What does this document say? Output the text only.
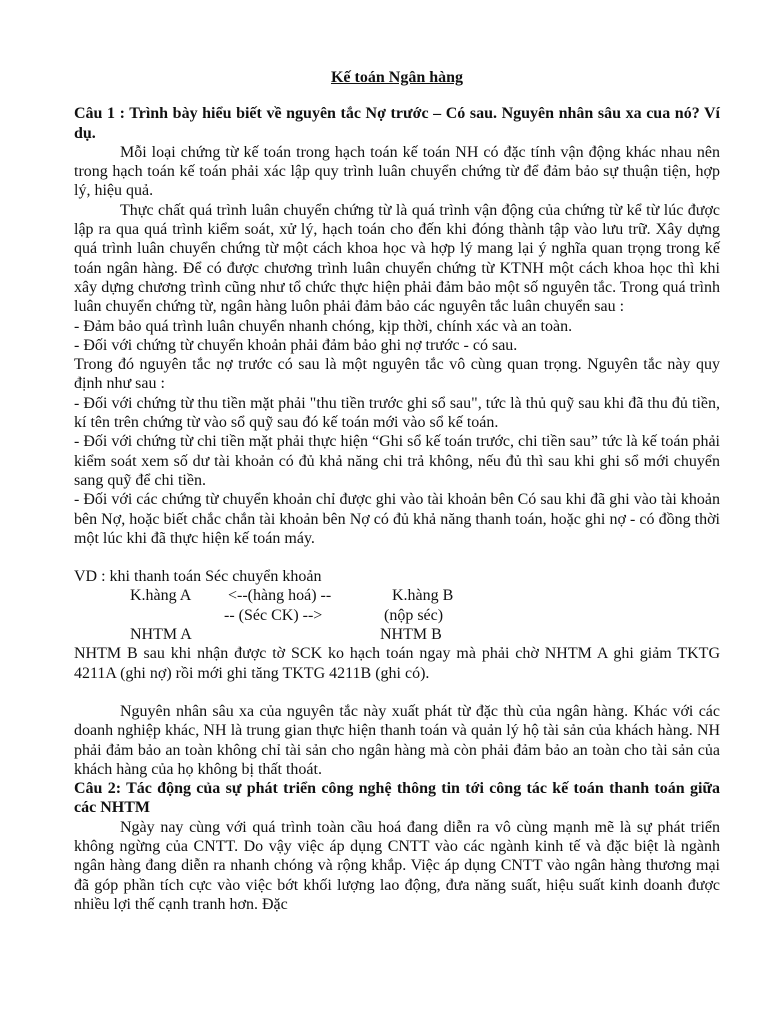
Kế toán Ngân hàng

Câu 1 : Trình bày hiểu biết về nguyên tắc Nợ trước – Có sau. Nguyên nhân sâu xa cua nó? Ví dụ.

Mỗi loại chứng từ kế toán trong hạch toán kế toán NH có đặc tính vận động khác nhau nên trong hạch toán kế toán phải xác lập quy trình luân chuyển chứng từ để đảm bảo sự thuận tiện, hợp lý, hiệu quả.

Thực chất quá trình luân chuyển chứng từ là quá trình vận động của chứng từ kể từ lúc được lập ra qua quá trình kiểm soát, xử lý, hạch toán cho đến khi đóng thành tập vào lưu trữ. Xây dựng quá trình luân chuyển chứng từ một cách khoa học và hợp lý mang lại ý nghĩa quan trọng trong kế toán ngân hàng. Để có được chương trình luân chuyển chứng từ KTNH một cách khoa học thì khi xây dựng chương trình cũng như tổ chức thực hiện phải đảm bảo một số nguyên tắc. Trong quá trình luân chuyển chứng từ, ngân hàng luôn phải đảm bảo các nguyên tắc luân chuyển sau :

- Đảm bảo quá trình luân chuyển nhanh chóng, kịp thời, chính xác và an toàn.

- Đối với chứng từ chuyển khoản phải đảm bảo ghi nợ trước - có sau.

Trong đó nguyên tắc nợ trước có sau là một nguyên tắc vô cùng quan trọng. Nguyên tắc này quy định như sau :

- Đối với chứng từ thu tiền mặt phải "thu tiền trước ghi sổ sau", tức là thủ quỹ sau khi đã thu đủ tiền, kí tên trên chứng từ vào sổ quỹ sau đó kế toán mới vào sổ kế toán.

- Đối với chứng từ chi tiền mặt phải thực hiện “Ghi sổ kế toán trước, chi tiền sau” tức là kế toán phải kiểm soát xem số dư tài khoản có đủ khả năng chi trả không, nếu đủ thì sau khi ghi sổ mới chuyển sang quỹ để chi tiền.

- Đối với các chứng từ chuyển khoản chỉ được ghi vào tài khoản bên Có sau khi đã ghi vào tài khoản bên Nợ, hoặc biết chắc chắn tài khoản bên Nợ có đủ khả năng thanh toán, hoặc ghi nợ - có đồng thời một lúc khi đã thực hiện kế toán máy.

VD : khi thanh toán Séc chuyển khoản

K.hàng A	<--(hàng hoá) --	K.hàng B
-- (Séc CK) -->	(nộp séc)
NHTM A	NHTM B

NHTM B sau khi nhận được tờ SCK ko hạch toán ngay mà phải chờ NHTM A ghi giảm TKTG 4211A (ghi nợ) rồi mới ghi tăng TKTG 4211B (ghi có).

Nguyên nhân sâu xa của nguyên tắc này xuất phát từ đặc thù của ngân hàng. Khác với các doanh nghiệp khác, NH là trung gian thực hiện thanh toán và quản lý hộ tài sản của khách hàng. NH phải đảm bảo an toàn không chỉ tài sản cho ngân hàng mà còn phải đảm bảo an toàn cho tài sản của khách hàng của họ không bị thất thoát.

Câu 2: Tác động của sự phát triển công nghệ thông tin tới công tác kế toán thanh toán giữa các NHTM

Ngày nay cùng với quá trình toàn cầu hoá đang diễn ra vô cùng mạnh mẽ là sự phát triển không ngừng của CNTT. Do vậy việc áp dụng CNTT vào các ngành kinh tế và đặc biệt là ngành ngân hàng đang diễn ra nhanh chóng và rộng khắp. Việc áp dụng CNTT vào ngân hàng thương mại đã góp phần tích cực vào việc bớt khối lượng lao động, đưa năng suất, hiệu suất kinh doanh được nhiều lợi thế cạnh tranh hơn. Đặc
